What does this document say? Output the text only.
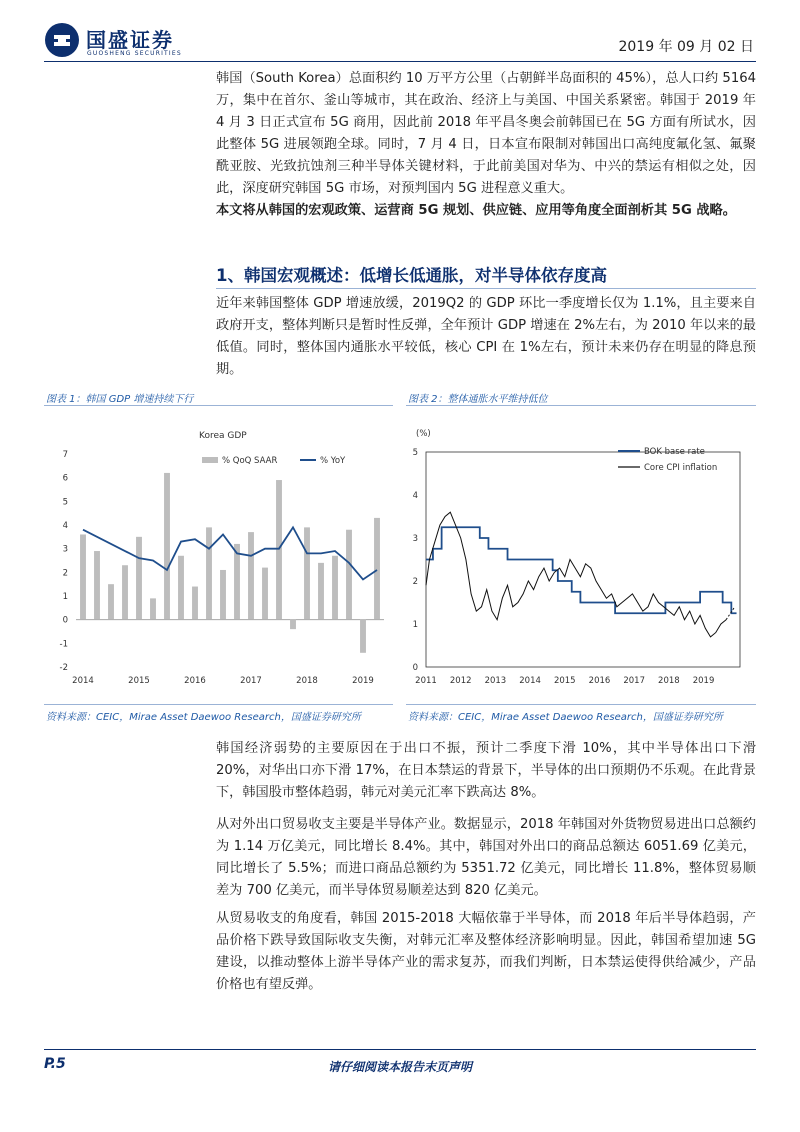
国盛证券
GUOSHENG SECURITIES	2019 年 09 月 02 日

韩国（South Korea）总面积约 10 万平方公里（占朝鲜半岛面积的 45%），总人口约 5164 万，集中在首尔、釜山等城市，其在政治、经济上与美国、中国关系紧密。韩国于 2019 年 4 月 3 日正式宣布 5G 商用，因此前 2018 年平昌冬奥会前韩国已在 5G 方面有所试水，因此整体 5G 进展领跑全球。同时，7 月 4 日，日本宣布限制对韩国出口高纯度氟化氢、氟聚酰亚胺、光致抗蚀剂三种半导体关键材料，于此前美国对华为、中兴的禁运有相似之处，因此，深度研究韩国 5G 市场，对预判国内 5G 进程意义重大。

本文将从韩国的宏观政策、运营商 5G 规划、供应链、应用等角度全面剖析其 5G 战略。

1、韩国宏观概述：低增长低通胀，对半导体依存度高

近年来韩国整体 GDP 增速放缓，2019Q2 的 GDP 环比一季度增长仅为 1.1%，且主要来自政府开支，整体判断只是暂时性反弹，全年预计 GDP 增速在 2%左右，为 2010 年以来的最低值。同时，整体国内通胀水平较低，核心 CPI 在 1%左右，预计未来仍存在明显的降息预期。

图表 1：韩国 GDP 增速持续下行	图表 2：整体通胀水平维持低位
Korea GDP
% QoQ SAAR	% YoY
-2
-1
0
1
2
3
4
5
6
7
2014	2015	2016	2017	2018	2019
资料来源：CEIC，Mirae Asset Daewoo Research，国盛证券研究所
(%)
0
1
2
3
4
5
2011 2012 2013 2014 2015 2016 2017 2018 2019
BOK base rate
Core CPI inflation
资料来源：CEIC，Mirae Asset Daewoo Research，国盛证券研究所

韩国经济弱势的主要原因在于出口不振，预计二季度下滑 10%，其中半导体出口下滑 20%，对华出口亦下滑 17%，在日本禁运的背景下，半导体的出口预期仍不乐观。在此背景下，韩国股市整体趋弱，韩元对美元汇率下跌高达 8%。

从对外出口贸易收支主要是半导体产业。数据显示，2018 年韩国对外货物贸易进出口总额约为 1.14 万亿美元，同比增长 8.4%。其中，韩国对外出口的商品总额达 6051.69 亿美元，同比增长了 5.5%；而进口商品总额约为 5351.72 亿美元，同比增长 11.8%，整体贸易顺差为 700 亿美元，而半导体贸易顺差达到 820 亿美元。

从贸易收支的角度看，韩国 2015-2018 大幅依靠于半导体，而 2018 年后半导体趋弱，产品价格下跌导致国际收支失衡，对韩元汇率及整体经济影响明显。因此，韩国希望加速 5G 建设，以推动整体上游半导体产业的需求复苏，而我们判断，日本禁运使得供给减少，产品价格也有望反弹。

P.5	请仔细阅读本报告末页声明
